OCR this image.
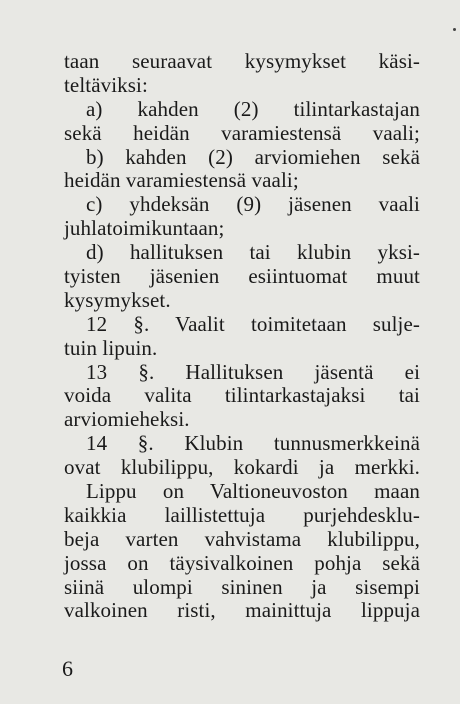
taan seuraavat kysymykset käsi-
teltäviksi:
a) kahden (2) tilintarkastajan
sekä heidän varamiestensä vaali;
b) kahden (2) arviomiehen sekä
heidän varamiestensä vaali;
c) yhdeksän (9) jäsenen vaali
juhlatoimikuntaan;
d) hallituksen tai klubin yksi-
tyisten jäsenien esiintuomat muut
kysymykset.
12 §. Vaalit toimitetaan sulje-
tuin lipuin.
13 §. Hallituksen jäsentä ei
voida valita tilintarkastajaksi tai
arviomieheksi.
14 §. Klubin tunnusmerkkeinä
ovat klubilippu, kokardi ja merkki.
Lippu on Valtioneuvoston maan
kaikkia laillistettuja purjehdesklu-
beja varten vahvistama klubilippu,
jossa on täysivalkoinen pohja sekä
siinä ulompi sininen ja sisempi
valkoinen risti, mainittuja lippuja
6
